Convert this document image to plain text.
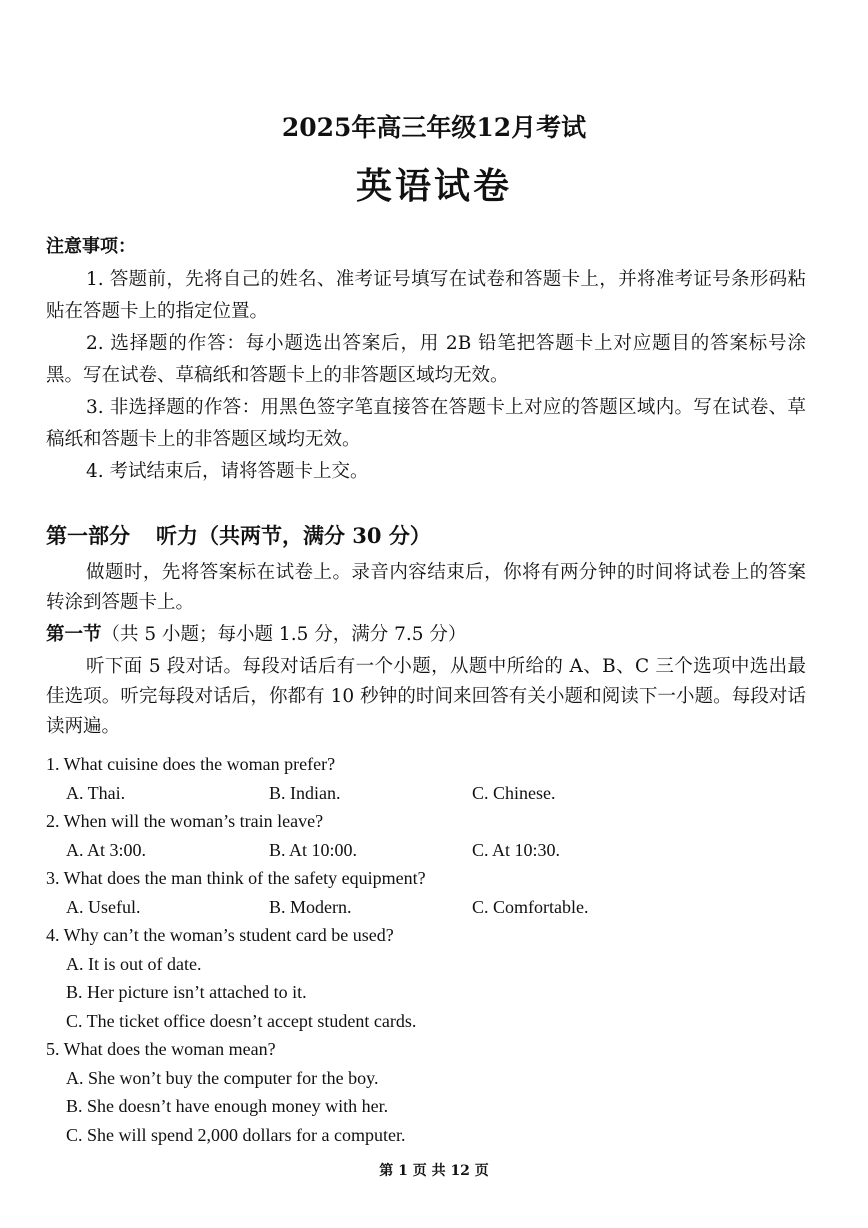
2025年高三年级12月考试
英语试卷
注意事项：

1. 答题前，先将自己的姓名、准考证号填写在试卷和答题卡上，并将准考证号条形码粘贴在答题卡上的指定位置。

2. 选择题的作答：每小题选出答案后，用 2B 铅笔把答题卡上对应题目的答案标号涂黑。写在试卷、草稿纸和答题卡上的非答题区域均无效。

3. 非选择题的作答：用黑色签字笔直接答在答题卡上对应的答题区域内。写在试卷、草稿纸和答题卡上的非答题区域均无效。

4. 考试结束后，请将答题卡上交。

第一部分 听力（共两节，满分 30 分）

做题时，先将答案标在试卷上。录音内容结束后，你将有两分钟的时间将试卷上的答案转涂到答题卡上。

第一节（共 5 小题；每小题 1.5 分，满分 7.5 分）

听下面 5 段对话。每段对话后有一个小题，从题中所给的 A、B、C 三个选项中选出最佳选项。听完每段对话后，你都有 10 秒钟的时间来回答有关小题和阅读下一小题。每段对话读两遍。

1. What cuisine does the woman prefer?
A. Thai.	B. Indian.	C. Chinese.
2. When will the woman’s train leave?
A. At 3:00.	B. At 10:00.	C. At 10:30.
3. What does the man think of the safety equipment?
A. Useful.	B. Modern.	C. Comfortable.
4. Why can’t the woman’s student card be used?
A. It is out of date.
B. Her picture isn’t attached to it.
C. The ticket office doesn’t accept student cards.
5. What does the woman mean?
A. She won’t buy the computer for the boy.
B. She doesn’t have enough money with her.
C. She will spend 2,000 dollars for a computer.
第 1 页 共 12 页
